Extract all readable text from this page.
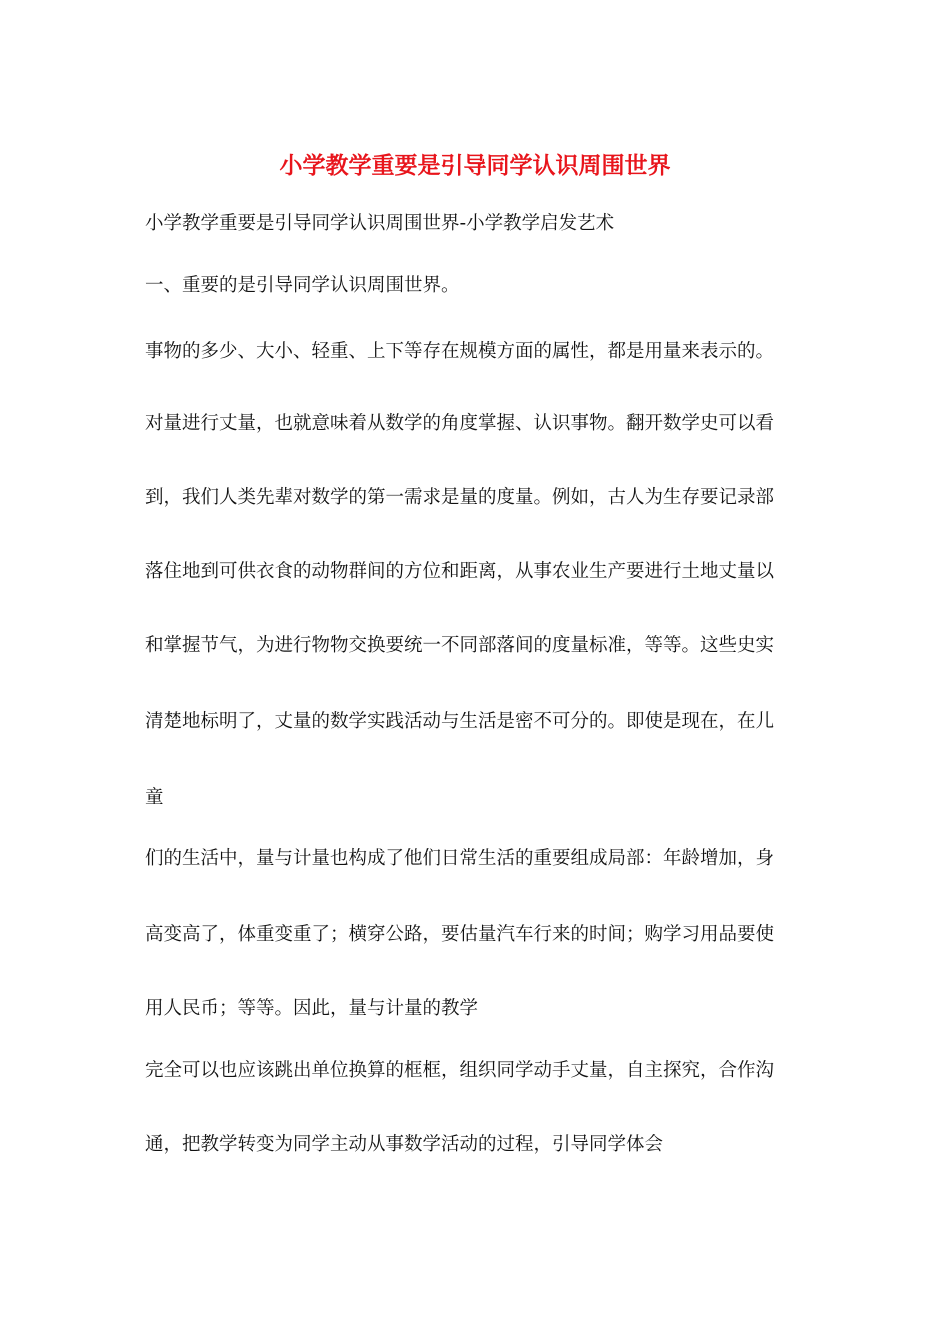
小学教学重要是引导同学认识周围世界
小学教学重要是引导同学认识周围世界-小学教学启发艺术
一、重要的是引导同学认识周围世界。
事物的多少、大小、轻重、上下等存在规模方面的属性，都是用量来表示的。
对量进行丈量，也就意味着从数学的角度掌握、认识事物。翻开数学史可以看
到，我们人类先辈对数学的第一需求是量的度量。例如，古人为生存要记录部
落住地到可供衣食的动物群间的方位和距离，从事农业生产要进行土地丈量以
和掌握节气，为进行物物交换要统一不同部落间的度量标准，等等。这些史实
清楚地标明了，丈量的数学实践活动与生活是密不可分的。即使是现在，在儿
童
们的生活中，量与计量也构成了他们日常生活的重要组成局部：年龄增加，身
高变高了，体重变重了；横穿公路，要估量汽车行来的时间；购学习用品要使
用人民币；等等。因此，量与计量的教学
完全可以也应该跳出单位换算的框框，组织同学动手丈量，自主探究，合作沟
通，把教学转变为同学主动从事数学活动的过程，引导同学体会
